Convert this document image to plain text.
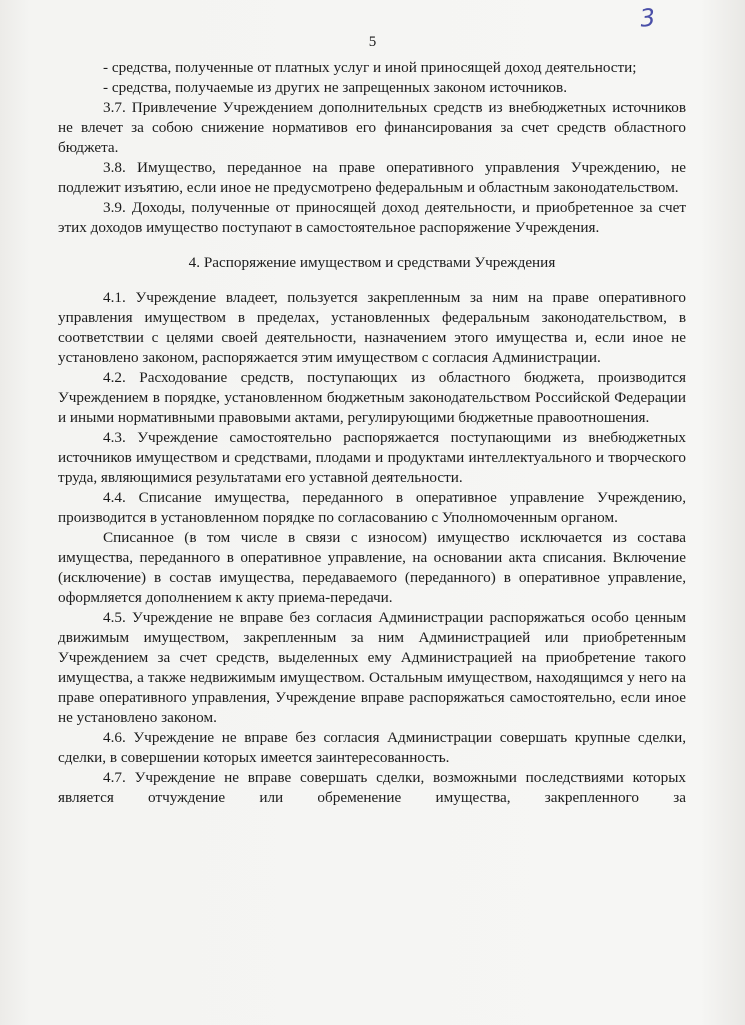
3
5

- средства, полученные от платных услуг и иной приносящей доход деятельности;

- средства, получаемые из других не запрещенных законом источников.

3.7. Привлечение Учреждением дополнительных средств из внебюджетных источников не влечет за собою снижение нормативов его финансирования за счет средств областного бюджета.

3.8. Имущество, переданное на праве оперативного управления Учреждению, не подлежит изъятию, если иное не предусмотрено федеральным и областным законодательством.

3.9. Доходы, полученные от приносящей доход деятельности, и приобретенное за счет этих доходов имущество поступают в самостоятельное распоряжение Учреждения.

4. Распоряжение имуществом и средствами Учреждения

4.1. Учреждение владеет, пользуется закрепленным за ним на праве оперативного управления имуществом в пределах, установленных федеральным законодательством, в соответствии с целями своей деятельности, назначением этого имущества и, если иное не установлено законом, распоряжается этим имуществом с согласия Администрации.

4.2. Расходование средств, поступающих из областного бюджета, производится Учреждением в порядке, установленном бюджетным законодательством Российской Федерации и иными нормативными правовыми актами, регулирующими бюджетные правоотношения.

4.3. Учреждение самостоятельно распоряжается поступающими из внебюджетных источников имуществом и средствами, плодами и продуктами интеллектуального и творческого труда, являющимися результатами его уставной деятельности.

4.4. Списание имущества, переданного в оперативное управление Учреждению, производится в установленном порядке по согласованию с Уполномоченным органом.

Списанное (в том числе в связи с износом) имущество исключается из состава имущества, переданного в оперативное управление, на основании акта списания. Включение (исключение) в состав имущества, передаваемого (переданного) в оперативное управление, оформляется дополнением к акту приема-передачи.

4.5. Учреждение не вправе без согласия Администрации распоряжаться особо ценным движимым имуществом, закрепленным за ним Администрацией или приобретенным Учреждением за счет средств, выделенных ему Администрацией на приобретение такого имущества, а также недвижимым имуществом. Остальным имуществом, находящимся у него на праве оперативного управления, Учреждение вправе распоряжаться самостоятельно, если иное не установлено законом.

4.6. Учреждение не вправе без согласия Администрации совершать крупные сделки, сделки, в совершении которых имеется заинтересованность.

4.7. Учреждение не вправе совершать сделки, возможными последствиями которых является отчуждение или обременение имущества, закрепленного за
